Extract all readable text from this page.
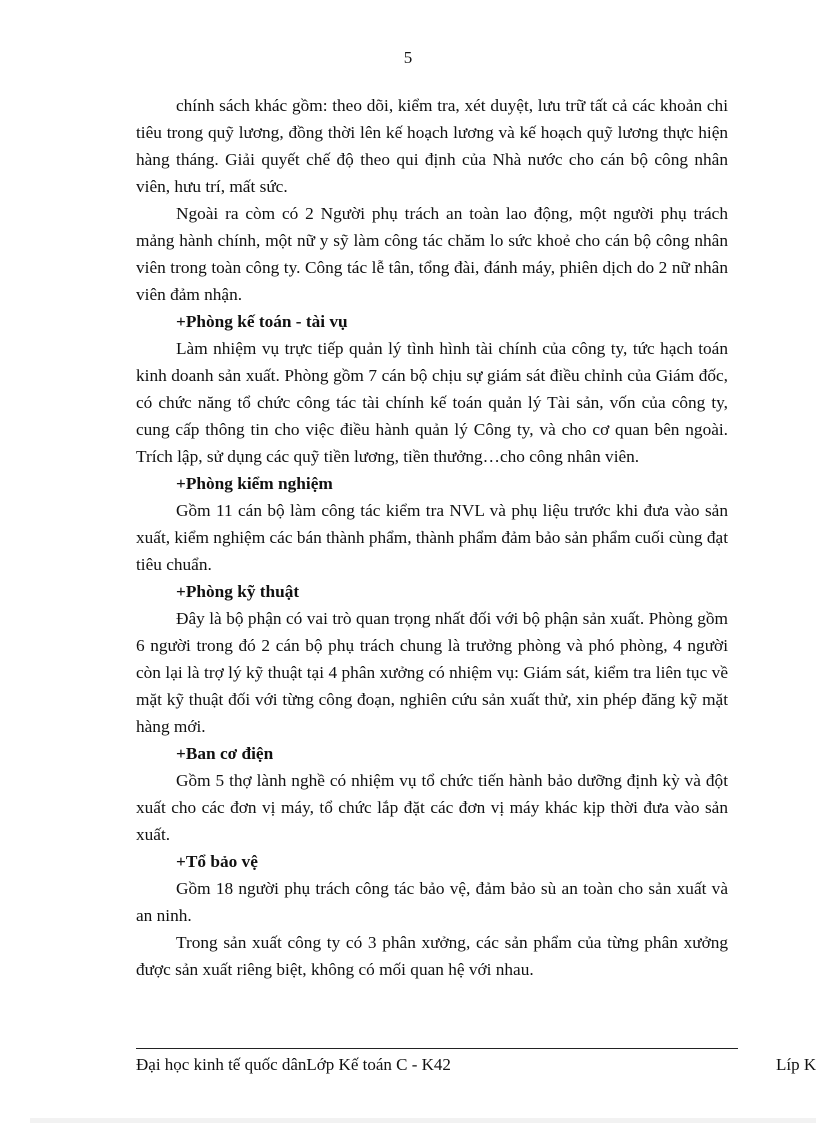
5

chính sách khác gồm: theo dõi, kiểm tra, xét duyệt, lưu trữ tất cả các khoản chi tiêu trong quỹ lương, đồng thời lên kế hoạch lương và kế hoạch quỹ lương thực hiện hàng tháng. Giải quyết chế độ theo qui định của Nhà nước cho cán bộ công nhân viên, hưu trí, mất sức.

Ngoài ra còm có 2 Người phụ trách an toàn lao động, một người phụ trách mảng hành chính, một nữ y sỹ làm công tác chăm lo sức khoẻ cho cán bộ công nhân viên trong toàn công ty. Công tác lễ tân, tổng đài, đánh máy, phiên dịch do 2 nữ nhân viên đảm nhận.

+Phòng kế toán - tài vụ

Làm nhiệm vụ trực tiếp quản lý tình hình tài chính của công ty, tức hạch toán kinh doanh sản xuất. Phòng gồm 7 cán bộ chịu sự giám sát điều chỉnh của Giám đốc, có chức năng tổ chức công tác tài chính kế toán quản lý Tài sản, vốn của công ty, cung cấp thông tin cho việc điều hành quản lý Công ty, và cho cơ quan bên ngoài. Trích lập, sử dụng các quỹ tiền lương, tiền thưởng…cho công nhân viên.

+Phòng kiểm nghiệm

Gồm 11 cán bộ làm công tác kiểm tra NVL và phụ liệu trước khi đưa vào sản xuất, kiểm nghiệm các bán thành phẩm, thành phẩm đảm bảo sản phẩm cuối cùng đạt tiêu chuẩn.

+Phòng kỹ thuật

Đây là bộ phận có vai trò quan trọng nhất đối với bộ phận sản xuất. Phòng gồm 6 người trong đó 2 cán bộ phụ trách chung là trưởng phòng và phó phòng, 4 người còn lại là trợ lý kỹ thuật tại 4 phân xưởng có nhiệm vụ: Giám sát, kiểm tra liên tục về mặt kỹ thuật đối với từng công đoạn, nghiên cứu sản xuất thử, xin phép đăng kỹ mặt hàng mới.

+Ban cơ điện

Gồm 5 thợ lành nghề có nhiệm vụ tổ chức tiến hành bảo dưỡng định kỳ và đột xuất cho các đơn vị máy, tổ chức lắp đặt các đơn vị máy khác kịp thời đưa vào sản xuất.

+Tổ bảo vệ

Gồm 18 người phụ trách công tác bảo vệ, đảm bảo sù an toàn cho sản xuất và an ninh.

Trong sản xuất công ty có 3 phân xưởng, các sản phẩm của từng phân xưởng được sản xuất riêng biệt, không có mối quan hệ với nhau.

Đại học kinh tế quốc dânLớp Kế toán C - K42	Líp K
